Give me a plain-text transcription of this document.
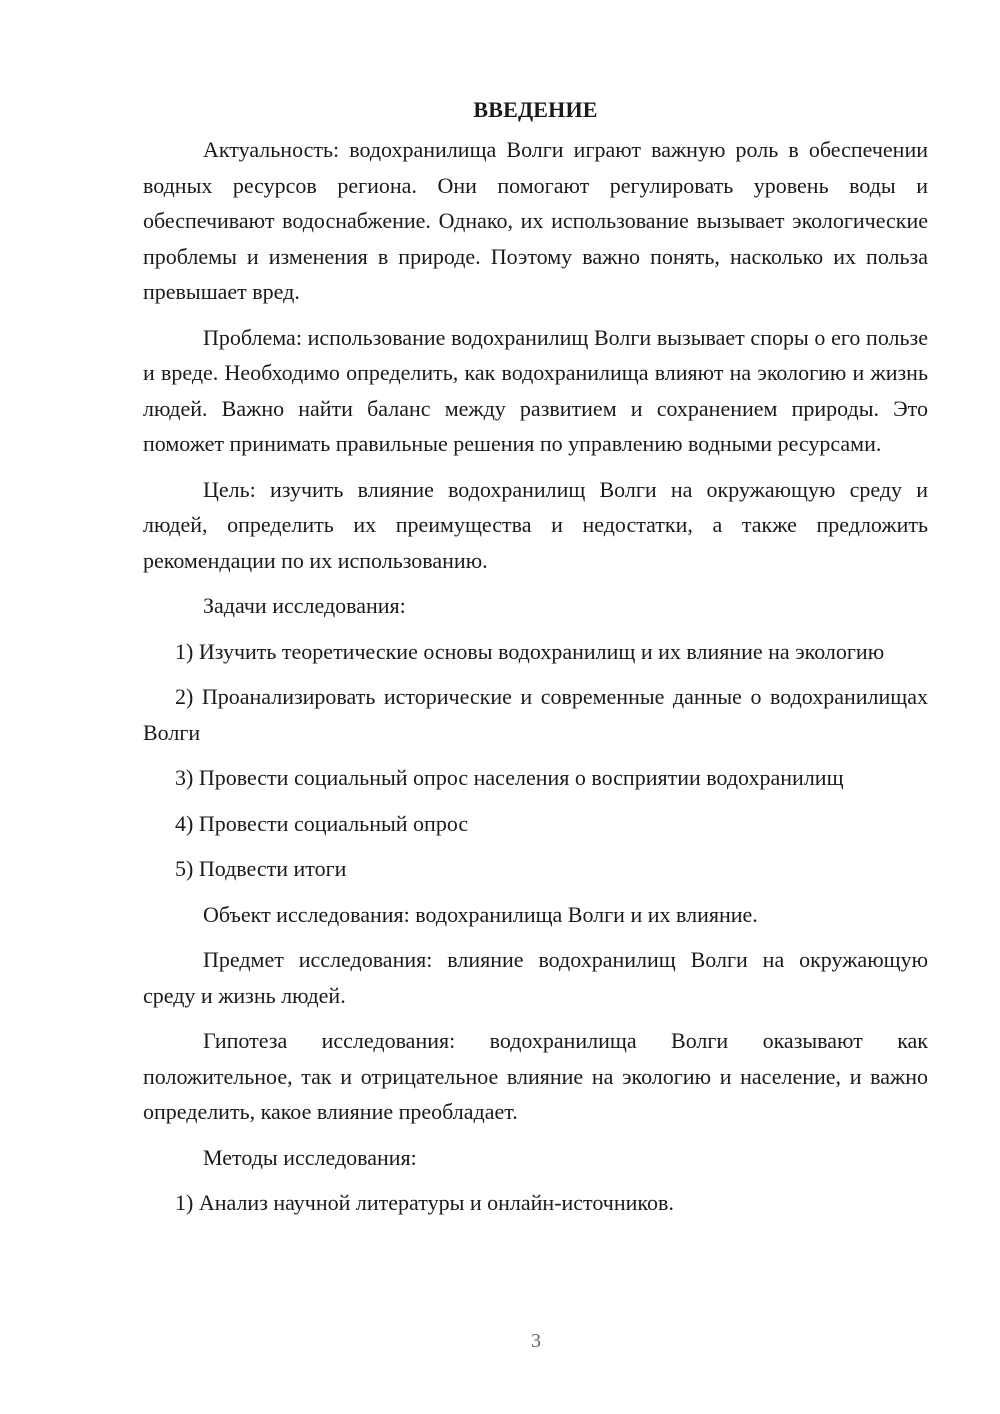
ВВЕДЕНИЕ

Актуальность: водохранилища Волги играют важную роль в обеспечении водных ресурсов региона. Они помогают регулировать уровень воды и обеспечивают водоснабжение. Однако, их использование вызывает экологические проблемы и изменения в природе. Поэтому важно понять, насколько их польза превышает вред.

Проблема: использование водохранилищ Волги вызывает споры о его пользе и вреде. Необходимо определить, как водохранилища влияют на экологию и жизнь людей. Важно найти баланс между развитием и сохранением природы. Это поможет принимать правильные решения по управлению водными ресурсами.

Цель: изучить влияние водохранилищ Волги на окружающую среду и людей, определить их преимущества и недостатки, а также предложить рекомендации по их использованию.

Задачи исследования:

1) Изучить теоретические основы водохранилищ и их влияние на экологию

2) Проанализировать исторические и современные данные о водохранилищах Волги

3) Провести социальный опрос населения о восприятии водохранилищ

4) Провести социальный опрос

5) Подвести итоги

Объект исследования: водохранилища Волги и их влияние.

Предмет исследования: влияние водохранилищ Волги на окружающую среду и жизнь людей.

Гипотеза исследования: водохранилища Волги оказывают как положительное, так и отрицательное влияние на экологию и население, и важно определить, какое влияние преобладает.

Методы исследования:

1) Анализ научной литературы и онлайн-источников.

3
